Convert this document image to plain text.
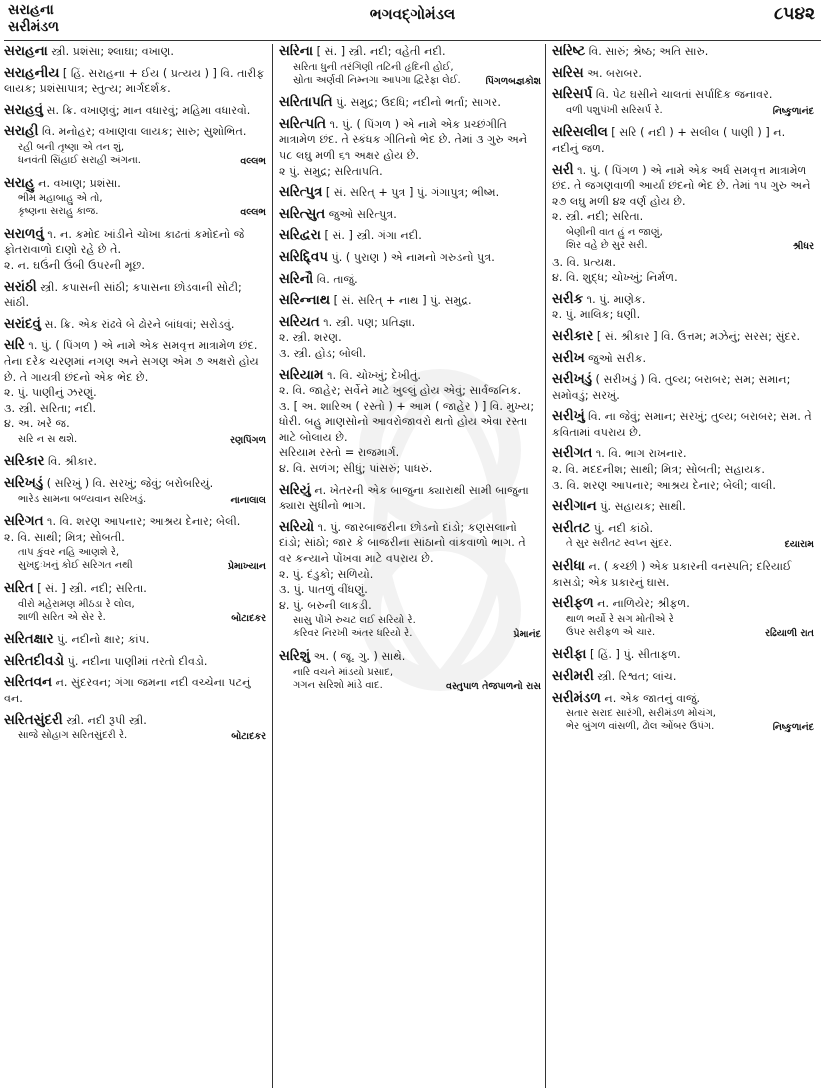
સરાહના
સરીમંડળ
ભગવદ્ગોમંડલ	૮૫૪૨
સરાહના સ્ત્રી. પ્રશંસા; શ્લાઘા; વખાણ.
સરાહનીય [ હિં. સરાહના + ઈય ( પ્રત્યય ) ] વિ. તારીફ લાયક; પ્રશંસાપાત્ર; સ્તુત્ય; માર્ગદર્શક.
સરાહવું સ. ક્રિ. વખાણવું; માન વધારવું; મહિમા વધારવો.
સરાહી વિ. મનોહર; વખાણવા લાયક; સારુ; સુશોભિત.
રહી બની તૃષ્ણા એ તન શું,
ધનવંતી સિંહાઈ સરાહી અંગના.	વલ્લભ
સરાહુ ન. વખાણ; પ્રશંસા.
ભીમ મહાબાહુ એ તો,
કૃષ્ણના સરાહુ કાજ.	વલ્લભ
સરાળવું ૧. ન. કમોદ ખાંડીને ચોખા કાઢતાં કમોદનો જે ફોતરાવાળો દાણો રહે છે તે.
૨. ન. ઘઉંની ઉંબી ઉપરની મૂછ.
સરાંઠી સ્ત્રી. કપાસની સાંઠી; કપાસના છોડવાની સોટી; સાંઠી.
સરાંદવું સ. ક્રિ. એક રાંઢવે બે ઢોરને બાંધવાં; સરોડવું.
સરિ ૧. પું. ( પિંગળ ) એ નામે એક સમવૃત્ત માત્રામેળ છંદ. તેના દરેક ચરણમાં નગણ અને સગણ એમ ૭ અક્ષરો હોય છે. તે ગાયત્રી છંદનો એક ભેદ છે.
૨. પું. પાણીનું ઝરણું.
૩. સ્ત્રી. સરિતા; નદી.
૪. અ. ખરે જ.
સરિ ન સ થશે.	રણપિંગળ
સરિકાર વિ. શ્રીકાર.
સરિખડું ( સરિખું ) વિ. સરખું; જેવું; બરોબરિયું.
ભારેડ સામના બળ્યવાન સરિખડું.	નાનાલાલ
સરિગત ૧. વિ. શરણ આપનાર; આશ્રય દેનાર; બેલી.
૨. વિ. સાથી; મિત્ર; સોબતી.
તાપ કુંવર નહિ આણશે રે,
સુખદુઃખનું કોઈ સરિગત નથી	પ્રેમાખ્યાન
સરિત [ સં. ] સ્ત્રી. નદી; સરિતા.
વીરો મહેરામણ મીઠડા રે લોલ,
શાળી સરિત એ સેર રે.	બોટાદકર
સરિતક્ષાર પું. નદીનો ક્ષાર; કાંપ.
સરિતદીવડો પું. નદીના પાણીમાં તરતો દીવડો.
સરિતવન ન. સુંદરવન; ગંગા જમના નદી વચ્ચેના પટનું વન.
સરિતસુંદરી સ્ત્રી. નદી રૂપી સ્ત્રી.
સાજે સોહાગ સરિતસુંદરી રે.	બોટાદકર
સરિના [ સં. ] સ્ત્રી. નદી; વહેતી નદી.
સરિતા ધુની તરંગિણી તટિની હૃદિની હોઈ,
સ્રોતા અર્ણવી નિમ્નગા આપગા દ્વિરેફા લેઈ.	પિંગળબજ્ઞકોશ
સરિતાપતિ પું. સમુદ્ર; ઉદધિ; નદીનો ભર્તા; સાગર.
સરિત્પતિ ૧. પું. ( પિંગળ ) એ નામે એક પ્રચ્છંગીતિ માત્રામેળ છંદ. તે સ્કંધક ગીતિનો ભેદ છે. તેમાં ૩ ગુરુ અને ૫૮ લઘુ મળી ૬૧ અક્ષર હોય છે.
૨ પું. સમુદ્ર; સરિતાપતિ.
સરિત્પુત્ર [ સં. સરિત્ + પુત્ર ] પું. ગંગાપુત્ર; ભીષ્મ.
સરિત્સુત જુઓ સરિત્પુત્ર.
સરિદ્વરા [ સં. ] સ્ત્રી. ગંગા નદી.
સરિદ્દ્વિપ પું. ( પુરાણ ) એ નામનો ગરુડનો પુત્ર.
સરિનૌ વિ. તાજું.
સરિન્નાથ [ સં. સરિત્ + નાથ ] પું. સમુદ્ર.
સરિયત ૧. સ્ત્રી. પણ; પ્રતિજ્ઞા.
૨. સ્ત્રી. શરણ.
૩. સ્ત્રી. હોડ; બોલી.
સરિયામ ૧. વિ. ચોખ્ખું; દેખીતું.
૨. વિ. જાહેર; સર્વેને માટે ખુલ્લું હોય એવું; સાર્વજનિક.
૩. [ અ. શારિઅ ( રસ્તો ) + આમ ( જાહેર ) ] વિ. મુખ્ય; ધોરી. બહુ માણસોનો આવરોજાવરો થતો હોય એવા રસ્તા માટે બોલાય છે.
સરિયામ રસ્તો = રાજમાર્ગ.
૪. વિ. સળંગ; સીધું; પાંસરું; પાધરું.
સરિયું ન. ખેતરની એક બાજુના ક્યારાથી સામી બાજુના ક્યારા સુધીનો ભાગ.
સરિયો ૧. પું. જારબાજરીના છોડનો દાંડો; કણસલાનો દાંડો; સાંઠો; જાર કે બાજરીના સાંઠાનો વાંકવાળો ભાગ. તે વર કન્યાને પોંખવા માટે વપરાય છે.
૨. પું. દંડુકો; સળિયો.
૩. પું. પાતળું વીંધણું.
૪. પું. બરુની લાકડી.
સાસુ પોંખે રુચટ લઈ સરિયો રે.
કરિવર નિરખી અંતર ધરિયો રે.	પ્રેમાનંદ
સરિશું અ. ( જૂ. ગુ. ) સાથે.
નારિ વચને માંડયો પ્રસાદ,
ગગન સરિશો માંડે વાદ.	વસ્તુપાળ તેજપાળનો રાસ
સરિષ્ટ વિ. સારું; શ્રેષ્ઠ; અતિ સારુ.
સરિસ અ. બરાબર.
સરિસર્પ વિ. પેટ ઘસીને ચાલતાં સર્પાદિક જનાવર.
વળી પશુપંખી સરિસર્પ રે.	નિષ્કુળાનંદ
સરિસલીલ [ સરિ ( નદી ) + સલીલ ( પાણી ) ] ન. નદીનું જળ.
સરી ૧. પું. ( પિંગળ ) એ નામે એક અર્ધ સમવૃત્ત માત્રામેળ છંદ. તે જગણવાળી આર્યા છંદનો ભેદ છે. તેમાં ૧૫ ગુરુ અને ૨૭ લઘુ મળી ૪૨ વર્ણ હોય છે.
૨. સ્ત્રી. નદી; સરિતા.
બેણીની વાત હું ન જાણું,
શિર વહે છે સુર સરી.	શ્રીધર
૩. વિ. પ્રત્યક્ષ.
૪. વિ. શુદ્ધ; ચોખ્ખું; નિર્મળ.
સરીક ૧. પું. માણેક.
૨. પું. માલિક; ધણી.
સરીકાર [ સં. શ્રીકાર ] વિ. ઉત્તમ; મઝેનું; સરસ; સુંદર.
સરીખ જુઓ સરીક.
સરીખડું ( સરીખડું ) વિ. તુલ્ય; બરાબર; સમ; સમાન; સમોવડું; સરખું.
સરીખું વિ. ના જેવું; સમાન; સરખું; તુલ્ય; બરાબર; સમ. તે કવિતામાં વપરાય છે.
સરીગત ૧. વિ. ભાગ રાખનાર.
૨. વિ. મદદનીશ; સાથી; મિત્ર; સોબતી; સહાયક.
૩. વિ. શરણ આપનાર; આશ્રય દેનાર; બેલી; વાલી.
સરીગાન પું. સહાયક; સાથી.
સરીતટ પું. નદી કાંઠો.
તે સુર સરીતટ સ્વપ્ન સુંદર.	દયારામ
સરીધા ન. ( કચ્છી ) એક પ્રકારની વનસ્પતિ; દરિયાઈ કાસડો; એક પ્રકારનું ઘાસ.
સરીફળ ન. નાળિયેર; શ્રીફળ.
થાળ ભર્યો રે સગ મોતીએ રે
ઉપર સરીફળ એ ચાર.	રઢિયાળી રાત
સરીફા [ હિં. ] પું. સીતાફળ.
સરીમરી સ્ત્રી. રિશ્વત; લાંચ.
સરીમંડળ ન. એક જાતનું વાજું.
સતાર સરાદ સારંગી, સરીમંડળ મોચંગ,
ભેર બુંગળ વાંસળી, ઢોલ ઓંબર ઉપંગ.	નિષ્કુળાનંદ
